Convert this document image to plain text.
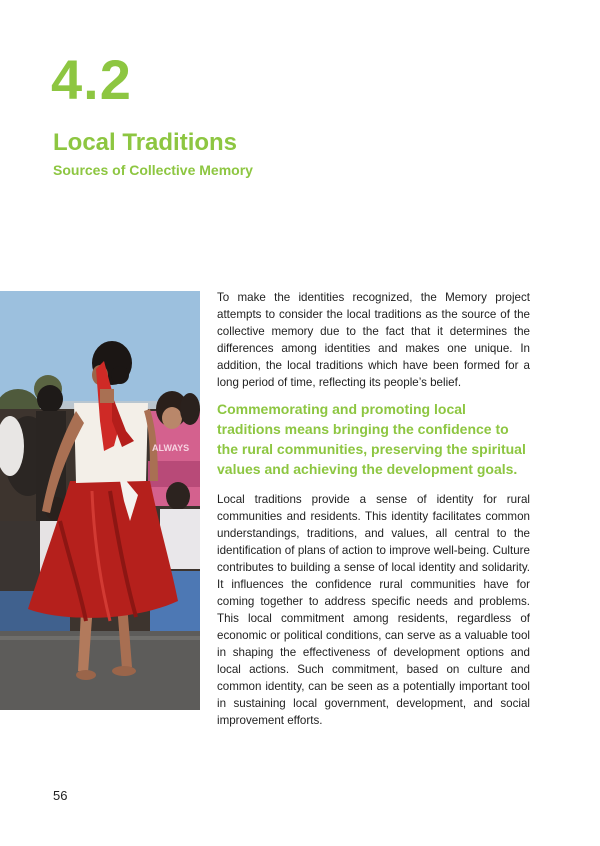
4.2
Local Traditions
Sources of Collective Memory
ALWAYS

To make the identities recognized, the Memory project attempts to consider the local traditions as the source of the collective memory due to the fact that it determines the differences among identities and makes one unique. In addition, the local traditions which have been formed for a long period of time, reflecting its people’s belief.

Commemorating and promoting local traditions means bringing the confidence to the rural communities, preserving the spiritual values and achieving the development goals.

Local traditions provide a sense of identity for rural communities and residents. This identity facilitates common understandings, traditions, and values, all central to the identification of plans of action to improve well-being. Culture contributes to building a sense of local identity and solidarity. It influences the confidence rural communities have for coming together to address specific needs and problems. This local commitment among residents, regardless of economic or political conditions, can serve as a valuable tool in shaping the effectiveness of development options and local actions. Such commitment, based on culture and common identity, can be seen as a potentially important tool in sustaining local government, development, and social improvement efforts.

56
